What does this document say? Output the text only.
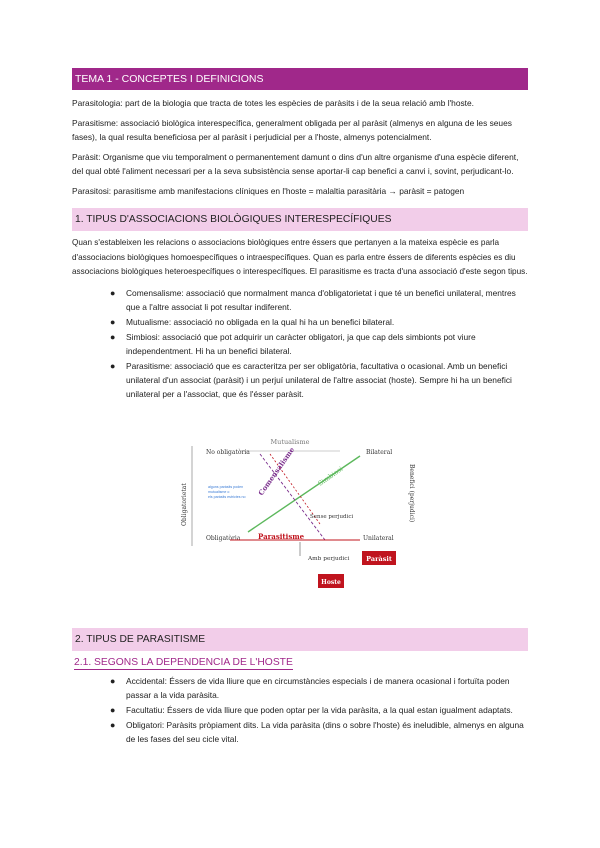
TEMA 1 - CONCEPTES I DEFINICIONS

Parasitologia: part de la biologia que tracta de totes les espècies de paràsits i de la seua relació amb l'hoste.

Parasitisme: associació biològica interespecífica, generalment obligada per al paràsit (almenys en alguna de les seues fases), la qual resulta beneficiosa per al paràsit i perjudicial per a l'hoste, almenys potencialment.

Paràsit: Organisme que viu temporalment o permanentement damunt o dins d'un altre organisme d'una espècie diferent, del qual obté l'aliment necessari per a la seva subsistència sense aportar-li cap benefici a canvi i, sovint, perjudicant-lo.

Parasitosi: parasitisme amb manifestacions clíniques en l'hoste = malaltia parasitària → paràsit = patogen

1. TIPUS D'ASSOCIACIONS BIOLÒGIQUES INTERESPECÍFIQUES

Quan s'estableixen les relacions o associacions biològiques entre éssers que pertanyen a la mateixa espècie es parla d'associacions biològiques homoespecífiques o intraespecífiques. Quan es parla entre éssers de diferents espècies es diu associacions biològiques heteroespecífiques o interespecífiques. El parasitisme es tracta d'una associació d'este segon tipus.

● Comensalisme: associació que normalment manca d'obligatorietat i que té un benefici unilateral, mentres que a l'altre associat li pot resultar indiferent.
● Mutualisme: associació no obligada en la qual hi ha un benefici bilateral.
● Simbiosi: associació que pot adquirir un caràcter obligatori, ja que cap dels simbionts pot viure independentment. Hi ha un benefici bilateral.
● Parasitisme: associació que es caracteritza per ser obligatòria, facultativa o ocasional. Amb un benefici unilateral d'un associat (paràsit) i un perjuí unilateral de l'altre associat (hoste). Sempre hi ha un benefici unilateral per a l'associat, que és l'ésser paràsit.
Mutualisme
No obligatòria	Bilateral
Obligatòria	Unilateral
Obligatorietat	Benefici (perjudici)
Comensalisme	Simbiosi
Sense perjudici
alguns paràsits poden
mutualisme o
els paràsits estrictes no
Parasitisme
Amb perjudici	Paràsit
Hoste
2. TIPUS DE PARASITISME
2.1. SEGONS LA DEPENDENCIA DE L'HOSTE
● Accidental: Éssers de vida lliure que en circumstàncies especials i de manera ocasional i fortuïta poden passar a la vida paràsita.
● Facultatiu: Éssers de vida lliure que poden optar per la vida paràsita, a la qual estan igualment adaptats.
● Obligatori: Paràsits pròpiament dits. La vida paràsita (dins o sobre l'hoste) és ineludible, almenys en alguna de les fases del seu cicle vital.
